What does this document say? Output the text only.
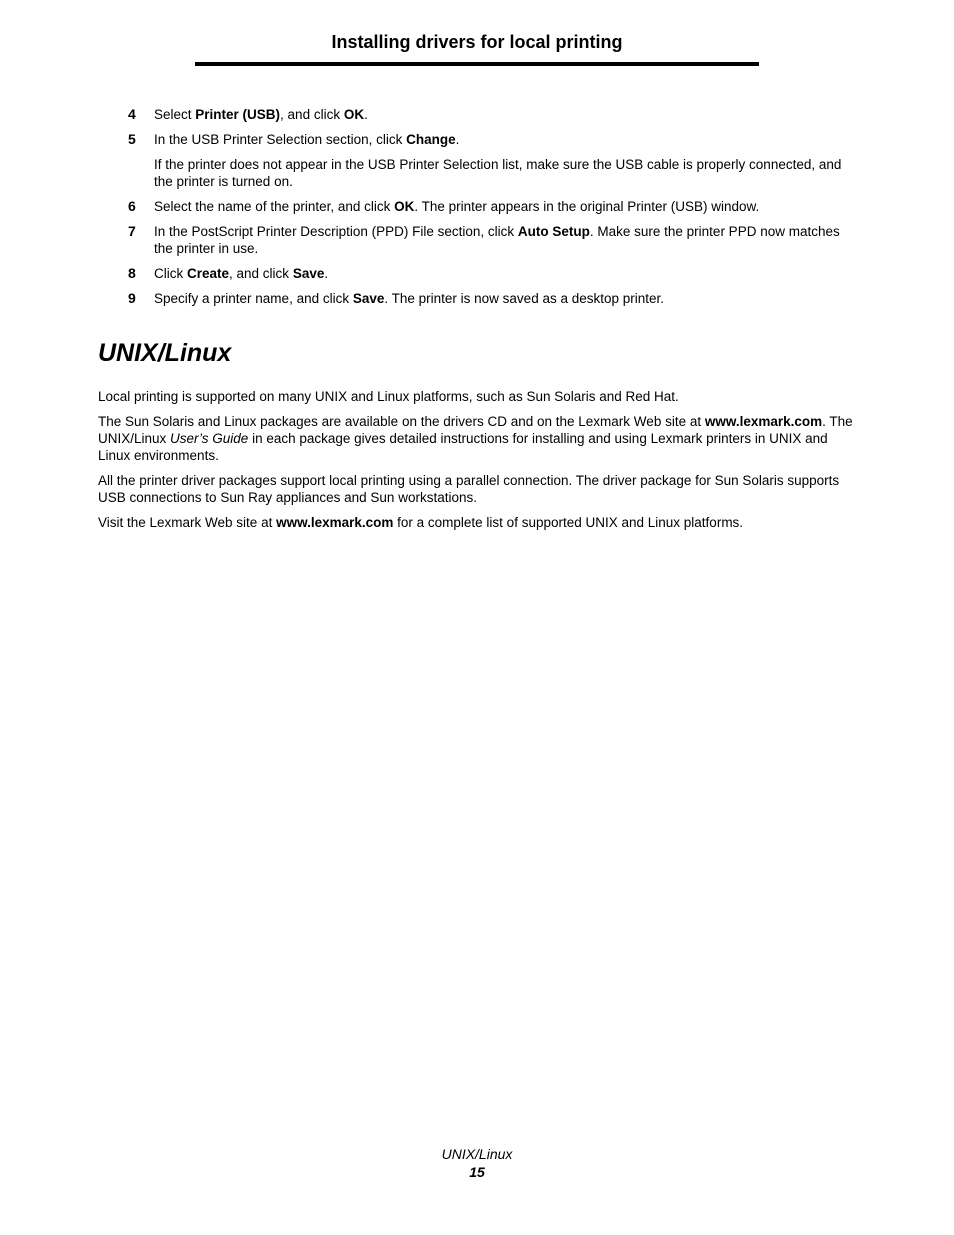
Installing drivers for local printing
4 Select Printer (USB), and click OK.
5 In the USB Printer Selection section, click Change.
If the printer does not appear in the USB Printer Selection list, make sure the USB cable is properly connected, and the printer is turned on.
6 Select the name of the printer, and click OK. The printer appears in the original Printer (USB) window.
7 In the PostScript Printer Description (PPD) File section, click Auto Setup. Make sure the printer PPD now matches the printer in use.
8 Click Create, and click Save.
9 Specify a printer name, and click Save. The printer is now saved as a desktop printer.
UNIX/Linux

Local printing is supported on many UNIX and Linux platforms, such as Sun Solaris and Red Hat.

The Sun Solaris and Linux packages are available on the drivers CD and on the Lexmark Web site at www.lexmark.com. The UNIX/Linux User’s Guide in each package gives detailed instructions for installing and using Lexmark printers in UNIX and Linux environments.

All the printer driver packages support local printing using a parallel connection. The driver package for Sun Solaris supports USB connections to Sun Ray appliances and Sun workstations.

Visit the Lexmark Web site at www.lexmark.com for a complete list of supported UNIX and Linux platforms.

UNIX/Linux
15
